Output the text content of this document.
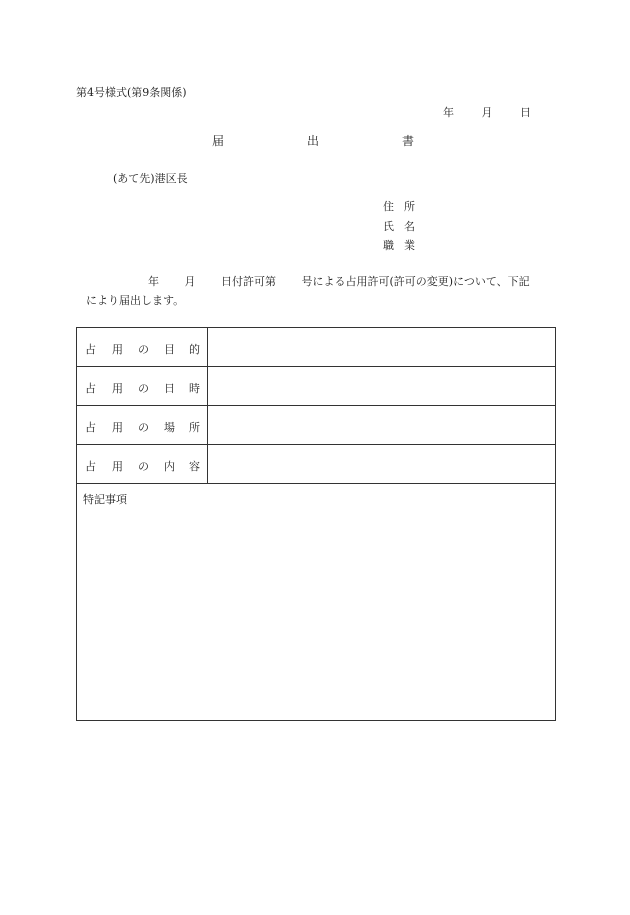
第4号様式(第9条関係)
年	月	日
届	出	書
(あて先)港区長
住 所
氏 名
職 業
年 月 日付許可第 号による占用許可(許可の変更)について、下記
により届出します。
占 用 の 目 的	

占 用 の 日 時	

占 用 の 場 所	

占 用 の 内 容	

特記事項	
